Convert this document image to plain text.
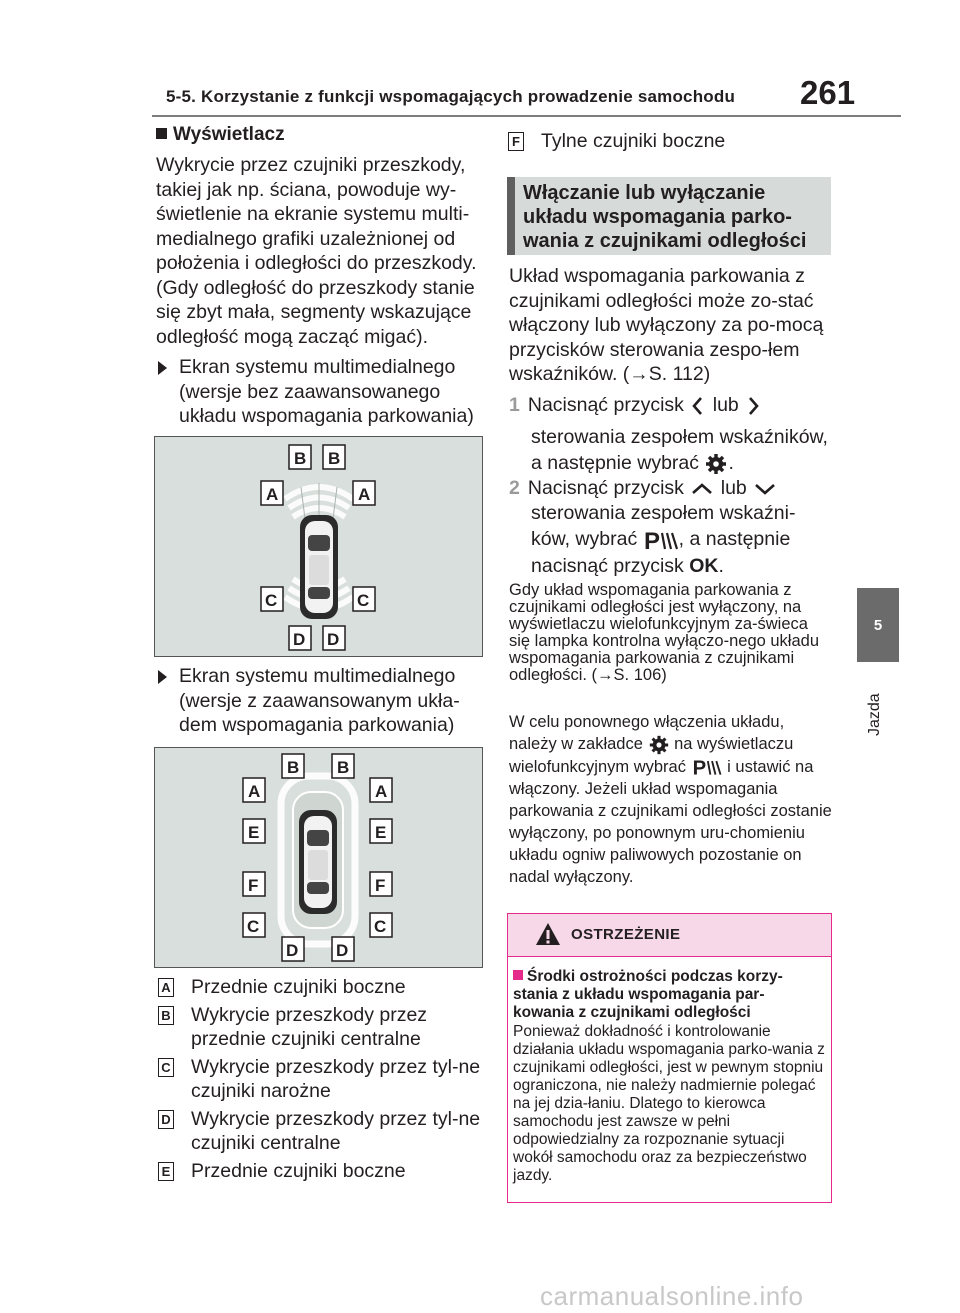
5-5. Korzystanie z funkcji wspomagających prowadzenie samochodu 261
5
Jazda
Wyświetlacz
Wykrycie przez czujniki przeszkody, takiej jak np. ściana, powoduje wy-świetlenie na ekranie systemu multi-medialnego grafiki uzależnionej od położenia i odległości do przeszkody. (Gdy odległość do przeszkody stanie się zbyt mała, segmenty wskazujące odległość mogą zacząć migać).
Ekran systemu multimedialnego (wersje bez zaawansowanego układu wspomagania parkowania)
B B
A	A
C	C
D D
Ekran systemu multimedialnego (wersje z zaawansowanym ukła-dem wspomagania parkowania)
B B
A	A
E	E
F	F
C	C
D D
A Przednie czujniki boczne
B Wykrycie przeszkody przez przednie czujniki centralne
C Wykrycie przeszkody przez tyl-ne czujniki narożne
D Wykrycie przeszkody przez tyl-ne czujniki centralne
E Przednie czujniki boczne
F Tylne czujniki boczne
Włączanie lub wyłączanie układu wspomagania parko-wania z czujnikami odległości
Układ wspomagania parkowania z czujnikami odległości może zo-stać włączony lub wyłączony za po-mocą przycisków sterowania zespo-łem wskaźników. (→S. 112)
1 Nacisnąć przycisk lub
sterowania zespołem wskaźników, a następnie wybrać .
2 Nacisnąć przycisk lub
sterowania zespołem wskaźni-ków, wybrać P , a następnie nacisnąć przycisk OK.
Gdy układ wspomagania parkowania z czujnikami odległości jest wyłączony, na wyświetlaczu wielofunkcyjnym za-świeca się lampka kontrolna wyłączo-nego układu wspomagania parkowania z czujnikami odległości. (→S. 106)
W celu ponownego włączenia układu, należy w zakładce na wyświetlaczu wielofunkcyjnym wybrać P i ustawić na włączony. Jeżeli układ wspomagania parkowania z czujnikami odległości zostanie wyłączony, po ponownym uru-chomieniu układu ogniw paliwowych pozostanie on nadal wyłączony.
OSTRZEŻENIE
Środki ostrożności podczas korzy-stania z układu wspomagania par-kowania z czujnikami odległości
Ponieważ dokładność i kontrolowanie działania układu wspomagania parko-wania z czujnikami odległości, jest w pewnym stopniu ograniczona, nie należy nadmiernie polegać na jej dzia-łaniu. Dlatego to kierowca samochodu jest zawsze w pełni odpowiedzialny za rozpoznanie sytuacji wokół samochodu oraz za bezpieczeństwo jazdy.
carmanualsonline.info
